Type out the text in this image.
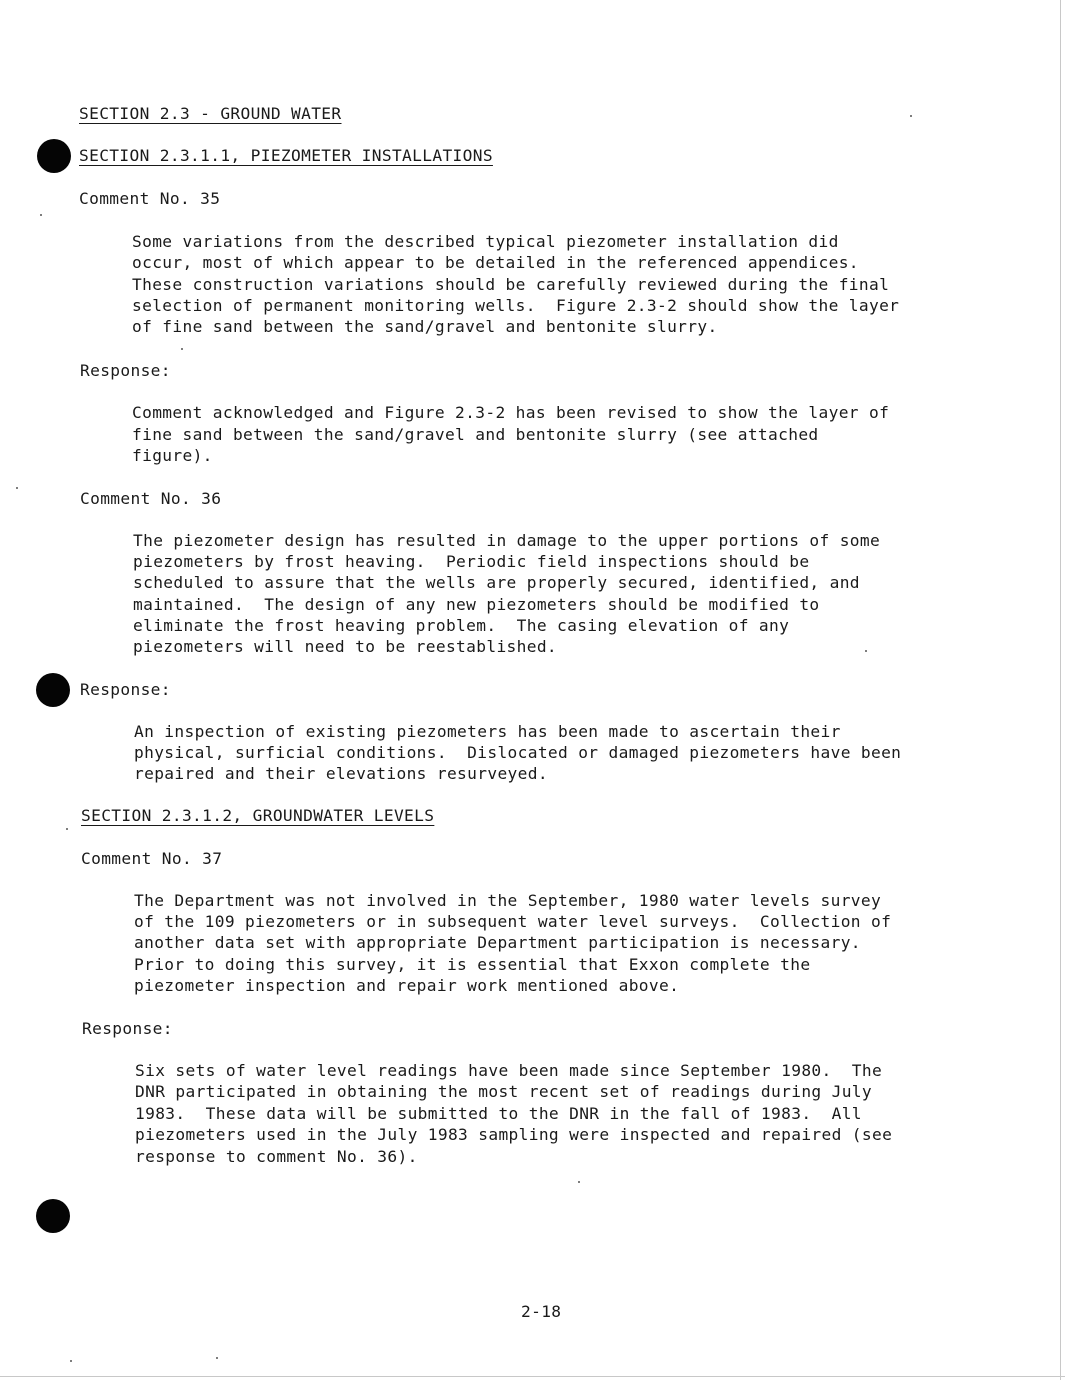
SECTION 2.3 - GROUND WATER
SECTION 2.3.1.1, PIEZOMETER INSTALLATIONS
Comment No. 35
Some variations from the described typical piezometer installation did
occur, most of which appear to be detailed in the referenced appendices.
These construction variations should be carefully reviewed during the final
selection of permanent monitoring wells.  Figure 2.3-2 should show the layer
of fine sand between the sand/gravel and bentonite slurry.
Response:
Comment acknowledged and Figure 2.3-2 has been revised to show the layer of
fine sand between the sand/gravel and bentonite slurry (see attached
figure).
Comment No. 36
The piezometer design has resulted in damage to the upper portions of some
piezometers by frost heaving.  Periodic field inspections should be
scheduled to assure that the wells are properly secured, identified, and
maintained.  The design of any new piezometers should be modified to
eliminate the frost heaving problem.  The casing elevation of any
piezometers will need to be reestablished.
Response:
An inspection of existing piezometers has been made to ascertain their
physical, surficial conditions.  Dislocated or damaged piezometers have been
repaired and their elevations resurveyed.
SECTION 2.3.1.2, GROUNDWATER LEVELS
Comment No. 37
The Department was not involved in the September, 1980 water levels survey
of the 109 piezometers or in subsequent water level surveys.  Collection of
another data set with appropriate Department participation is necessary.
Prior to doing this survey, it is essential that Exxon complete the
piezometer inspection and repair work mentioned above.
Response:
Six sets of water level readings have been made since September 1980.  The
DNR participated in obtaining the most recent set of readings during July
1983.  These data will be submitted to the DNR in the fall of 1983.  All
piezometers used in the July 1983 sampling were inspected and repaired (see
response to comment No. 36).
2-18
